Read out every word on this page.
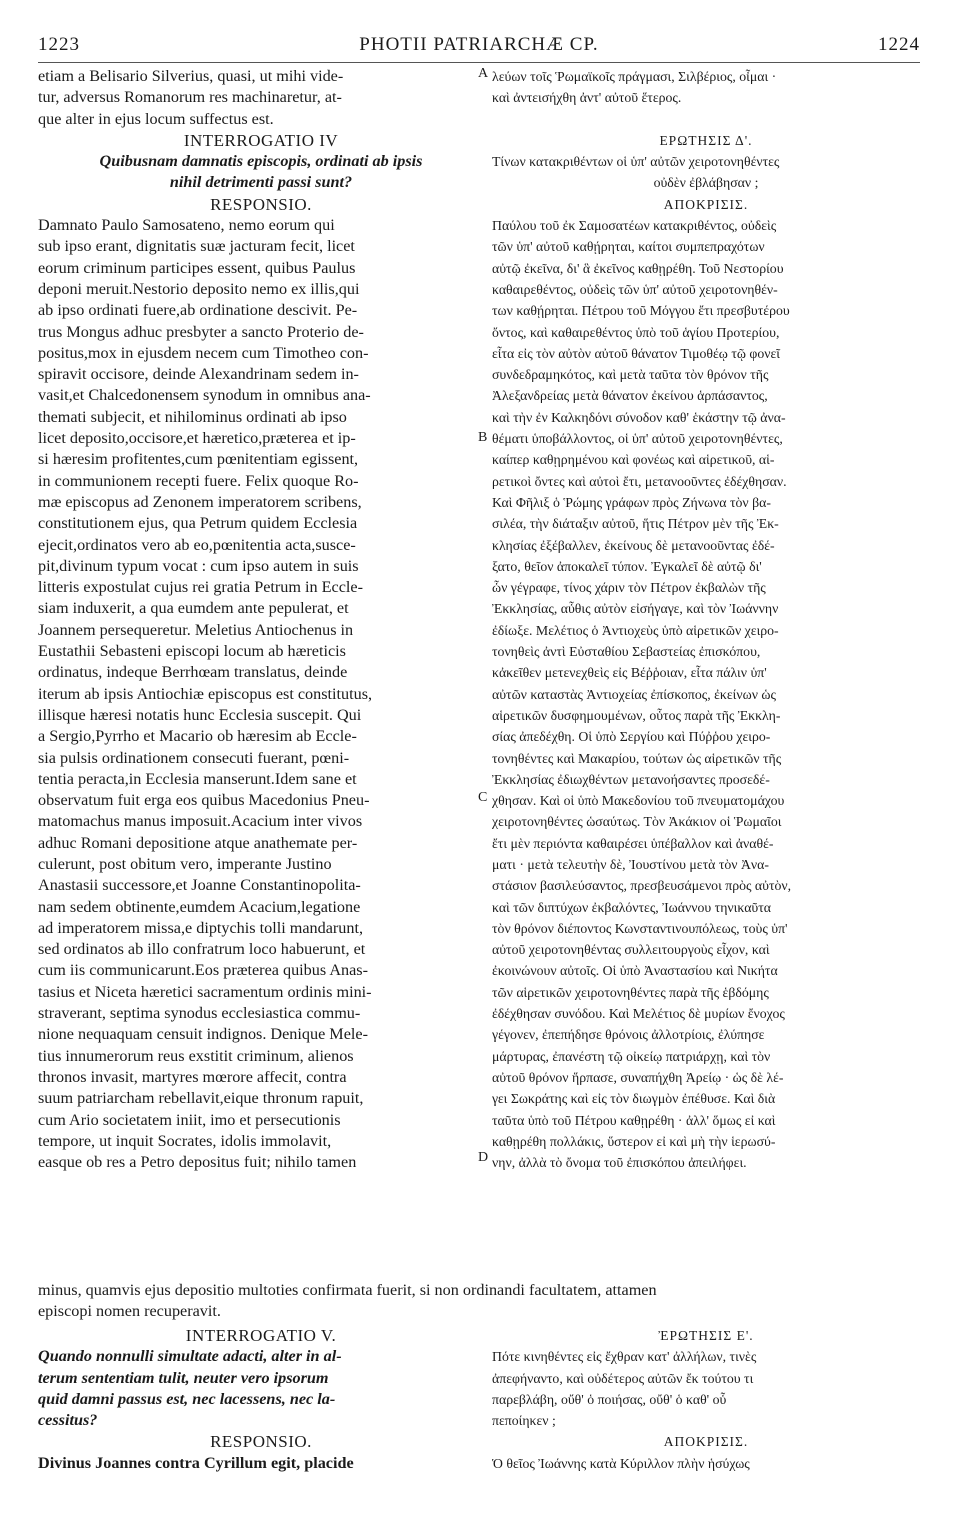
1223	PHOTII PATRIARCHÆ CP.	1224
etiam a Belisario Silverius, quasi, ut mihi vide-
tur, adversus Romanorum res machinaretur, at-
que alter in ejus locum suffectus est.
INTERROGATIO IV
Quibusnam damnatis episcopis, ordinati ab ipsis
nihil detrimenti passi sunt?
RESPONSIO.
Damnato Paulo Samosateno, nemo eorum qui
sub ipso erant, dignitatis suæ jacturam fecit, licet
eorum criminum participes essent, quibus Paulus
deponi meruit.Nestorio deposito nemo ex illis,qui
ab ipso ordinati fuere,ab ordinatione descivit. Pe-
trus Mongus adhuc presbyter a sancto Proterio de-
positus,mox in ejusdem necem cum Timotheo con-
spiravit occisore, deinde Alexandrinam sedem in-
vasit,et Chalcedonensem synodum in omnibus ana-
themati subjecit, et nihilominus ordinati ab ipso
licet deposito,occisore,et hæretico,præterea et ip-
si hæresim profitentes,cum pœnitentiam egissent,
in communionem recepti fuere. Felix quoque Ro-
mæ episcopus ad Zenonem imperatorem scribens,
constitutionem ejus, qua Petrum quidem Ecclesia
ejecit,ordinatos vero ab eo,pœnitentia acta,susce-
pit,divinum typum vocat : cum ipso autem in suis
litteris expostulat cujus rei gratia Petrum in Eccle-
siam induxerit, a qua eumdem ante pepulerat, et
Joannem persequeretur. Meletius Antiochenus in
Eustathii Sebasteni episcopi locum ab hæreticis
ordinatus, indeque Berrhœam translatus, deinde
iterum ab ipsis Antiochiæ episcopus est constitutus,
illisque hæresi notatis hunc Ecclesia suscepit. Qui
a Sergio,Pyrrho et Macario ob hæresim ab Eccle-
sia pulsis ordinationem consecuti fuerant, pœni-
tentia peracta,in Ecclesia manserunt.Idem sane et
observatum fuit erga eos quibus Macedonius Pneu-
matomachus manus imposuit.Acacium inter vivos
adhuc Romani depositione atque anathemate per-
culerunt, post obitum vero, imperante Justino
Anastasii successore,et Joanne Constantinopolita-
nam sedem obtinente,eumdem Acacium,legatione
ad imperatorem missa,e diptychis tolli mandarunt,
sed ordinatos ab illo confratrum loco habuerunt, et
cum iis communicarunt.Eos præterea quibus Anas-
tasius et Niceta hæretici sacramentum ordinis mini-
straverant, septima synodus ecclesiastica commu-
nione nequaquam censuit indignos. Denique Mele-
tius innumerorum reus exstitit criminum, alienos
thronos invasit, martyres mœrore affecit, contra
suum patriarcham rebellavit,eique thronum rapuit,
cum Ario societatem iniit, imo et persecutionis
tempore, ut inquit Socrates, idolis immolavit,
easque ob res a Petro depositus fuit; nihilo tamen
λεύων τοῖς Ῥωμαϊκοῖς πράγμασι, Σιλβέριος, οἶμαι ·
καὶ ἀντεισήχθη ἀντ' αὐτοῦ ἕτερος.

ΕΡΩΤΗΣΙΣ Δ'.
Τίνων κατακριθέντων οἱ ὑπ' αὐτῶν χειροτονηθέντες
οὐδὲν ἐβλάβησαν ;
ΑΠΟΚΡΙΣΙΣ.
Παύλου τοῦ ἐκ Σαμοσατέων κατακριθέντος, οὐδεὶς
τῶν ὑπ' αὐτοῦ καθῄρηται, καίτοι συμπεπραχότων
αὐτῷ ἐκεῖνα, δι' ἃ ἐκεῖνος καθῃρέθη. Τοῦ Νεστορίου
καθαιρεθέντος, οὐδεὶς τῶν ὑπ' αὐτοῦ χειροτονηθέν-
των καθῄρηται. Πέτρου τοῦ Μόγγου ἔτι πρεσβυτέρου
ὄντος, καὶ καθαιρεθέντος ὑπὸ τοῦ ἁγίου Προτερίου,
εἶτα εἰς τὸν αὐτὸν αὐτοῦ θάνατον Τιμοθέῳ τῷ φονεῖ
συνδεδραμηκότος, καὶ μετὰ ταῦτα τὸν θρόνον τῆς
Ἀλεξανδρείας μετὰ θάνατον ἐκείνου ἁρπάσαντος,
καὶ τὴν ἐν Καλκηδόνι σύνοδον καθ' ἑκάστην τῷ ἀνα-
θέματι ὑποβάλλοντος, οἱ ὑπ' αὐτοῦ χειροτονηθέντες,
καίπερ καθῃρημένου καὶ φονέως καὶ αἱρετικοῦ, αἱ-
ρετικοὶ ὄντες καὶ αὐτοὶ ἔτι, μετανοοῦντες ἐδέχθησαν.
Καὶ Φῆλιξ ὁ Ῥώμης γράφων πρὸς Ζήνωνα τὸν βα-
σιλέα, τὴν διάταξιν αὐτοῦ, ἥτις Πέτρον μὲν τῆς Ἐκ-
κλησίας ἐξέβαλλεν, ἐκείνους δὲ μετανοοῦντας ἐδέ-
ξατο, θεῖον ἀποκαλεῖ τύπον. Ἐγκαλεῖ δὲ αὐτῷ δι'
ὧν γέγραφε, τίνος χάριν τὸν Πέτρον ἐκβαλὼν τῆς
Ἐκκλησίας, αὖθις αὐτὸν εἰσήγαγε, καὶ τὸν Ἰωάννην
ἐδίωξε. Μελέτιος ὁ Ἀντιοχεὺς ὑπὸ αἱρετικῶν χειρο-
τονηθεὶς ἀντὶ Εὐσταθίου Σεβαστείας ἐπισκόπου,
κἀκεῖθεν μετενεχθεὶς εἰς Βέῤῥοιαν, εἶτα πάλιν ὑπ'
αὐτῶν καταστὰς Ἀντιοχείας ἐπίσκοπος, ἐκείνων ὡς
αἱρετικῶν δυσφημουμένων, οὗτος παρὰ τῆς Ἐκκλη-
σίας ἀπεδέχθη. Οἱ ὑπὸ Σεργίου καὶ Πύῤῥου χειρο-
τονηθέντες καὶ Μακαρίου, τούτων ὡς αἱρετικῶν τῆς
Ἐκκλησίας ἐδιωχθέντων μετανοήσαντες προσεδέ-
χθησαν. Καὶ οἱ ὑπὸ Μακεδονίου τοῦ πνευματομάχου
χειροτονηθέντες ὡσαύτως. Τὸν Ἀκάκιον οἱ Ῥωμαῖοι
ἔτι μὲν περιόντα καθαιρέσει ὑπέβαλλον καὶ ἀναθέ-
ματι · μετὰ τελευτὴν δὲ, Ἰουστίνου μετὰ τὸν Ἀνα-
στάσιον βασιλεύσαντος, πρεσβευσάμενοι πρὸς αὐτὸν,
καὶ τῶν διπτύχων ἐκβαλόντες, Ἰωάννου τηνικαῦτα
τὸν θρόνον διέποντος Κωνσταντινουπόλεως, τοὺς ὑπ'
αὐτοῦ χειροτονηθέντας συλλειτουργοὺς εἶχον, καὶ
ἐκοινώνουν αὐτοῖς. Οἱ ὑπὸ Ἀναστασίου καὶ Νικήτα
τῶν αἱρετικῶν χειροτονηθέντες παρὰ τῆς ἑβδόμης
ἐδέχθησαν συνόδου. Καὶ Μελέτιος δὲ μυρίων ἔνοχος
γέγονεν, ἐπεπήδησε θρόνοις ἀλλοτρίοις, ἐλύπησε
μάρτυρας, ἐπανέστη τῷ οἰκείῳ πατριάρχῃ, καὶ τὸν
αὐτοῦ θρόνον ἥρπασε, συναπήχθη Ἀρείῳ · ὡς δὲ λέ-
γει Σωκράτης καὶ εἰς τὸν διωγμὸν ἐπέθυσε. Καὶ διὰ
ταῦτα ὑπὸ τοῦ Πέτρου καθῃρέθη · ἀλλ' ὅμως εἰ καὶ
καθῃρέθη πολλάκις, ὕστερον εἰ καὶ μὴ τὴν ἱερωσύ-
νην, ἀλλὰ τὸ ὄνομα τοῦ ἐπισκόπου ἀπειλήφει.
A
B
C
D
minus, quamvis ejus depositio multoties confirmata fuerit, si non ordinandi facultatem, attamen
episcopi nomen recuperavit.
INTERROGATIO V.
Quando nonnulli simultate adacti, alter in al-
terum sententiam tulit, neuter vero ipsorum
quid damni passus est, nec lacessens, nec la-
cessitus?
RESPONSIO.
Divinus Joannes contra Cyrillum egit, placide
ἘΡΩΤΗΣΙΣ Ε'.
Πότε κινηθέντες εἰς ἔχθραν κατ' ἀλλήλων, τινὲς
ἀπεφήναντο, καὶ οὐδέτερος αὐτῶν ἔκ τούτου τι
παρεβλάβη, οὔθ' ὁ ποιήσας, οὔθ' ὁ καθ' οὗ
πεποίηκεν ;
ΑΠΟΚΡΙΣΙΣ.
Ὁ θεῖος Ἰωάννης κατὰ Κύριλλον πλὴν ἡσύχως
